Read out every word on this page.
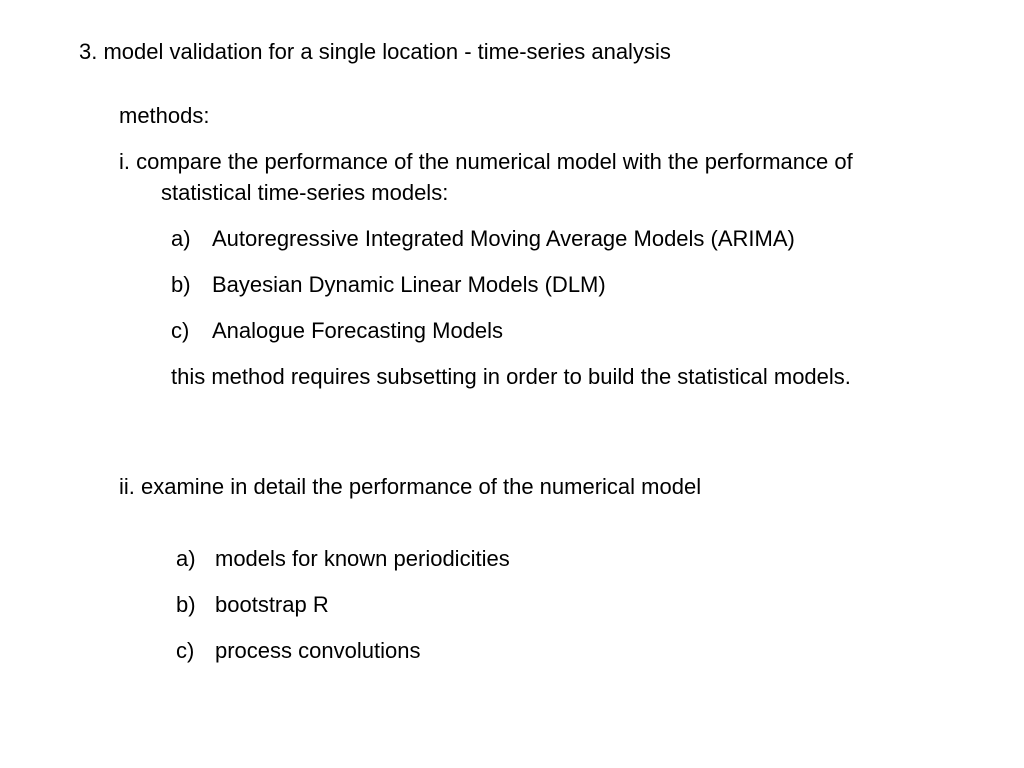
3. model validation for a single location - time-series analysis
methods:
i. compare the performance of the numerical model with the performance of
statistical time-series models:
a) Autoregressive Integrated Moving Average Models (ARIMA)
b) Bayesian Dynamic Linear Models (DLM)
c) Analogue Forecasting Models
this method requires subsetting in order to build the statistical models.
ii. examine in detail the performance of the numerical model
a) models for known periodicities
b) bootstrap R
c) process convolutions
